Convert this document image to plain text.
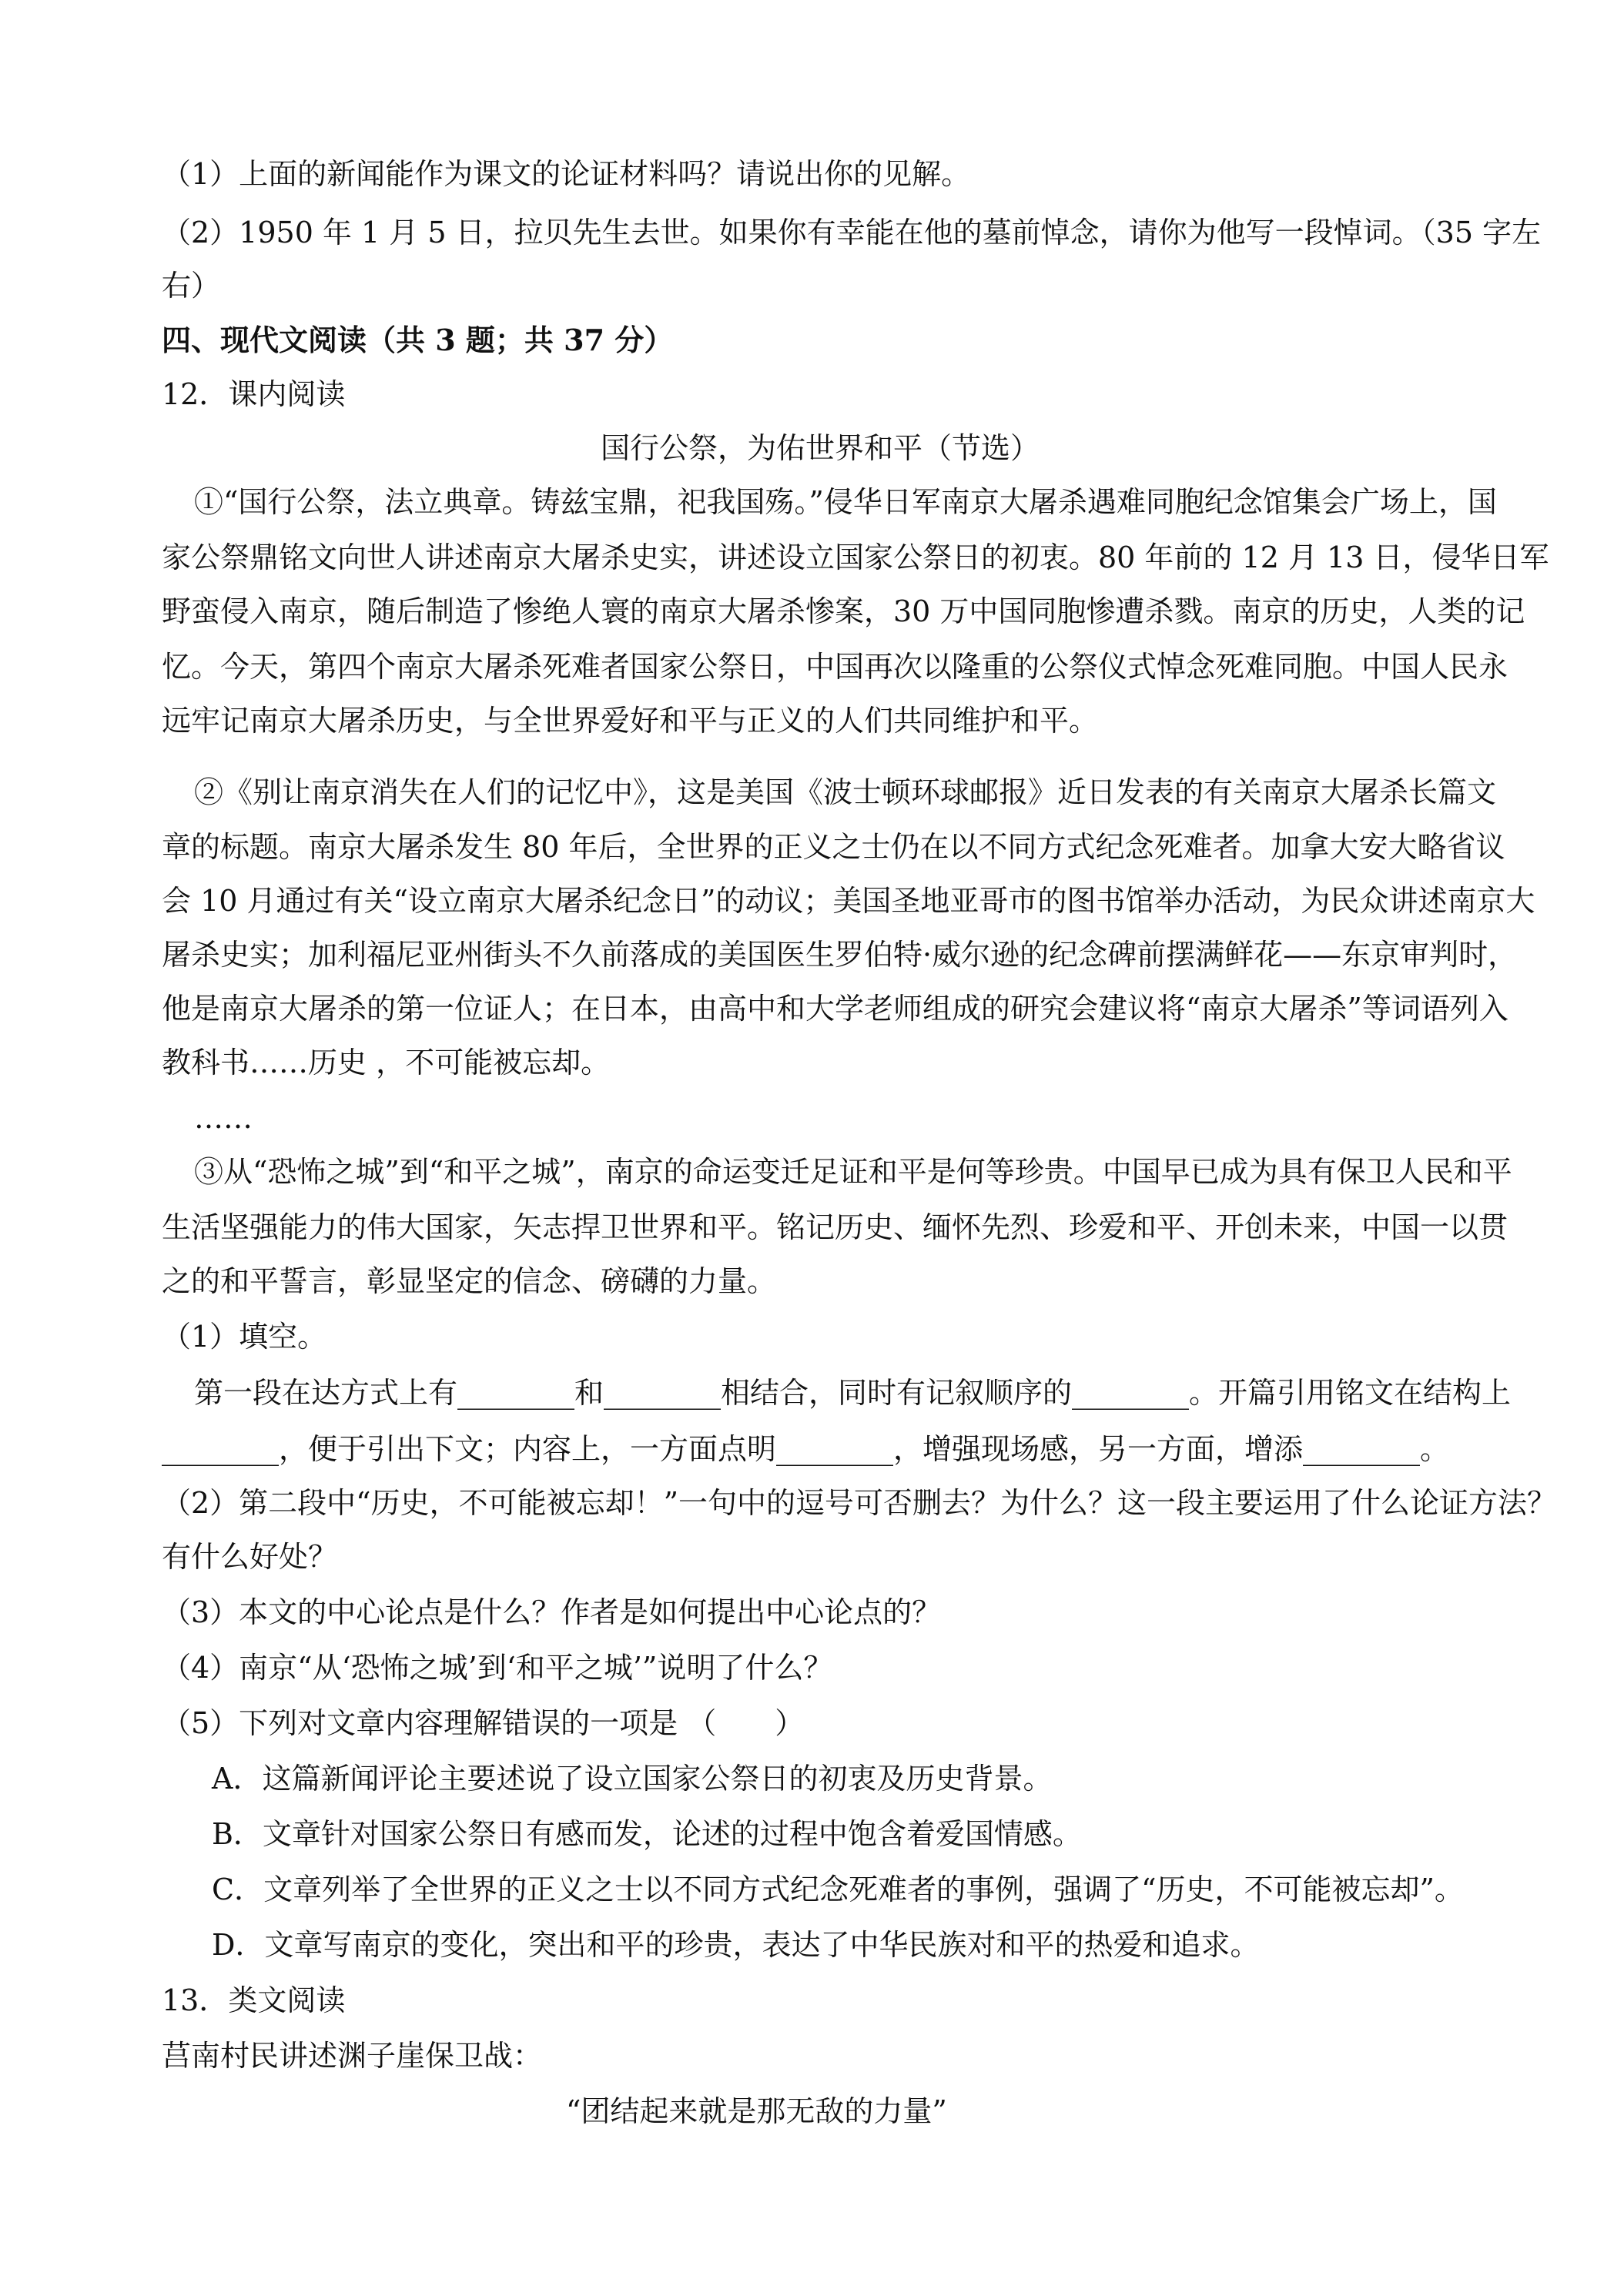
（1）上面的新闻能作为课文的论证材料吗？请说出你的见解。
（2）1950 年 1 月 5 日，拉贝先生去世。如果你有幸能在他的墓前悼念，请你为他写一段悼词。（35 字左
右）
四、现代文阅读（共 3 题；共 37 分）
12．课内阅读
国行公祭，为佑世界和平（节选）
①“国行公祭，法立典章。铸兹宝鼎，祀我国殇。”侵华日军南京大屠杀遇难同胞纪念馆集会广场上，国
家公祭鼎铭文向世人讲述南京大屠杀史实，讲述设立国家公祭日的初衷。80 年前的 12 月 13 日，侵华日军
野蛮侵入南京，随后制造了惨绝人寰的南京大屠杀惨案，30 万中国同胞惨遭杀戮。南京的历史，人类的记
忆。今天，第四个南京大屠杀死难者国家公祭日，中国再次以隆重的公祭仪式悼念死难同胞。中国人民永
远牢记南京大屠杀历史，与全世界爱好和平与正义的人们共同维护和平。
②《别让南京消失在人们的记忆中》，这是美国《波士顿环球邮报》近日发表的有关南京大屠杀长篇文
章的标题。南京大屠杀发生 80 年后，全世界的正义之士仍在以不同方式纪念死难者。加拿大安大略省议
会 10 月通过有关“设立南京大屠杀纪念日”的动议；美国圣地亚哥市的图书馆举办活动，为民众讲述南京大
屠杀史实；加利福尼亚州街头不久前落成的美国医生罗伯特·威尔逊的纪念碑前摆满鲜花——东京审判时，
他是南京大屠杀的第一位证人；在日本，由高中和大学老师组成的研究会建议将“南京大屠杀”等词语列入
教科书……历史 ，不可能被忘却。
……
③从“恐怖之城”到“和平之城”，南京的命运变迁足证和平是何等珍贵。中国早已成为具有保卫人民和平
生活坚强能力的伟大国家，矢志捍卫世界和平。铭记历史、缅怀先烈、珍爱和平、开创未来，中国一以贯
之的和平誓言，彰显坚定的信念、磅礴的力量。
（1）填空。
第一段在达方式上有________和________相结合，同时有记叙顺序的________。开篇引用铭文在结构上
________，便于引出下文；内容上，一方面点明________，增强现场感，另一方面，增添________。
（2）第二段中“历史，不可能被忘却！”一句中的逗号可否删去？为什么？这一段主要运用了什么论证方法？
有什么好处？
（3）本文的中心论点是什么？作者是如何提出中心论点的？
（4）南京“从‘恐怖之城’到‘和平之城’”说明了什么？
（5）下列对文章内容理解错误的一项是 （　　）
A．这篇新闻评论主要述说了设立国家公祭日的初衷及历史背景。
B．文章针对国家公祭日有感而发，论述的过程中饱含着爱国情感。
C．文章列举了全世界的正义之士以不同方式纪念死难者的事例，强调了“历史，不可能被忘却”。
D．文章写南京的变化，突出和平的珍贵，表达了中华民族对和平的热爱和追求。
13．类文阅读
莒南村民讲述渊子崖保卫战：
“团结起来就是那无敌的力量”
